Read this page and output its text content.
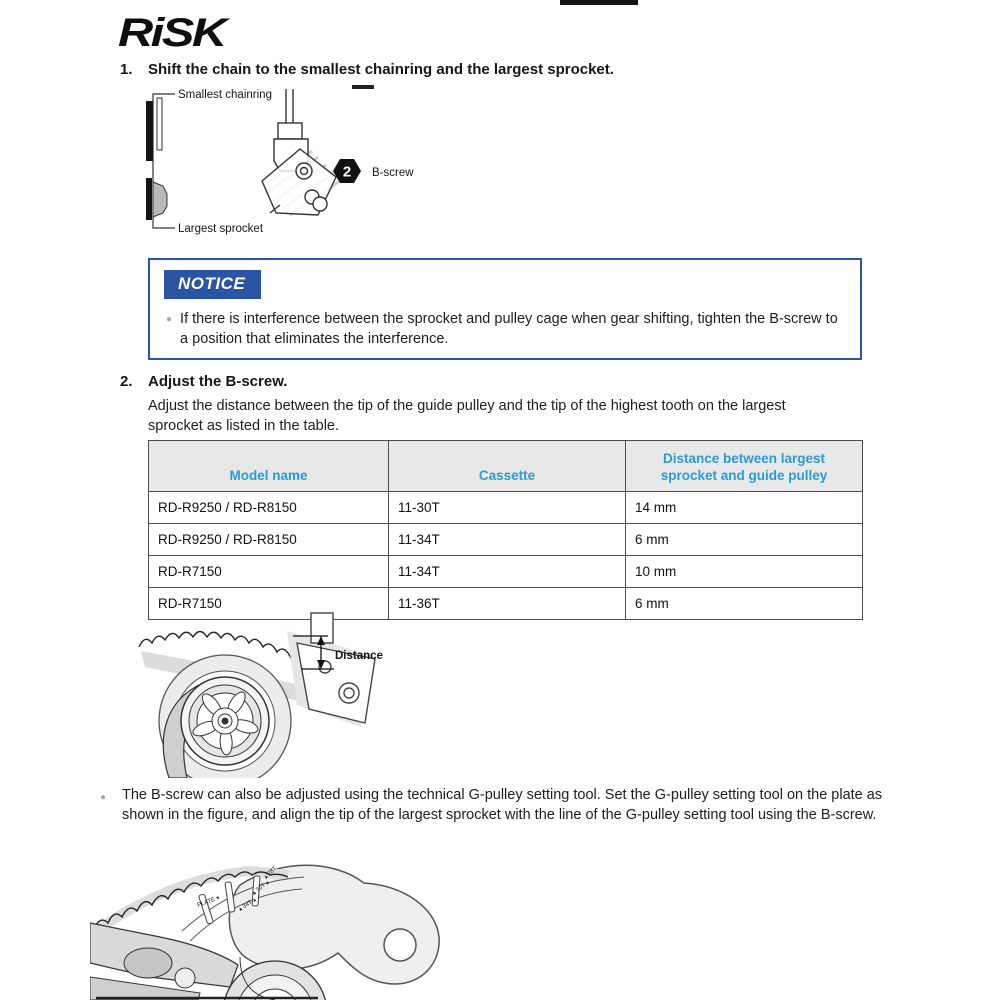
RiSK
1.	Shift the chain to the smallest chainring and the largest sprocket.
2
Smallest chainring
Largest sprocket
B-screw
NOTICE
● If there is interference between the sprocket and pulley cage when gear shifting, tighten the B-screw to a position that eliminates the interference.
2.	Adjust the B-screw.
Adjust the distance between the tip of the guide pulley and the tip of the highest tooth on the largest sprocket as listed in the table.
Model name	Cassette	Distance between largest sprocket and guide pulley
RD-R9250 / RD-R8150	11-30T	14 mm
RD-R9250 / RD-R8150	11-34T	6 mm
RD-R7150	11-34T	10 mm
RD-R7150	11-36T	6 mm
Distance
● The B-screw can also be adjusted using the technical G-pulley setting tool. Set the G-pulley setting tool on the plate as shown in the figure, and align the tip of the largest sprocket with the line of the G-pulley setting tool using the B-screw.
PLATE ▾	▴ 34T ▴
▴ 30T ▴
▴ 28T
